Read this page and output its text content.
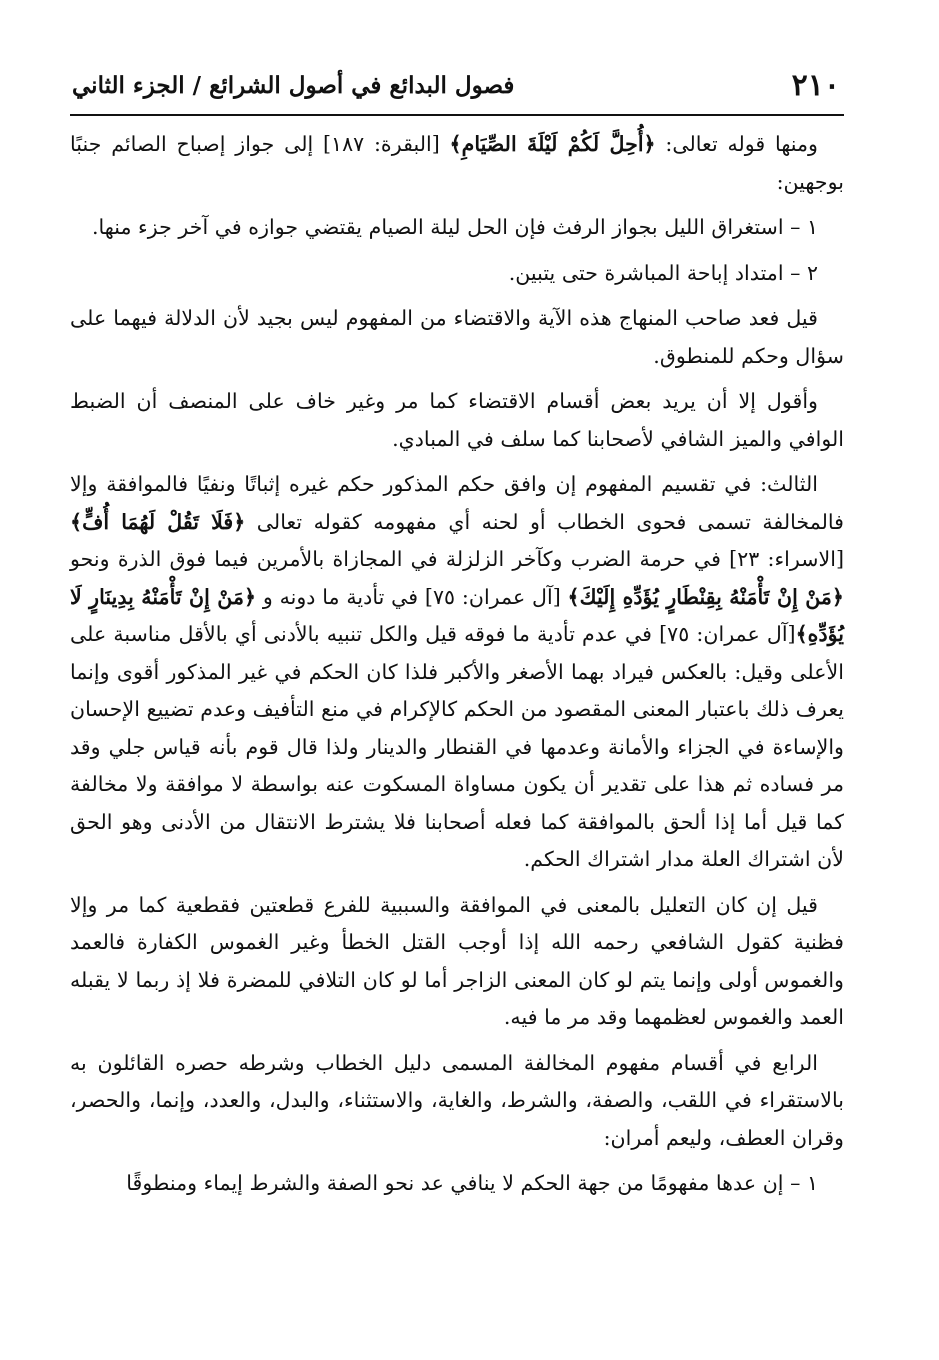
٢١٠
فصول البدائع في أصول الشرائع / الجزء الثاني

ومنها قوله تعالى: ﴿أُحِلَّ لَكُمْ لَيْلَةَ الصِّيَامِ﴾ [البقرة: ١٨٧] إلى جواز إصباح الصائم جنبًا بوجهين:

١ – استغراق الليل بجواز الرفث فإن الحل ليلة الصيام يقتضي جوازه في آخر جزء منها.

٢ – امتداد إباحة المباشرة حتى يتبين.

قيل فعد صاحب المنهاج هذه الآية والاقتضاء من المفهوم ليس بجيد لأن الدلالة فيهما على سؤال وحكم للمنطوق.

وأقول إلا أن يريد بعض أقسام الاقتضاء كما مر وغير خاف على المنصف أن الضبط الوافي والميز الشافي لأصحابنا كما سلف في المبادي.

الثالث: في تقسيم المفهوم إن وافق حكم المذكور حكم غيره إثباتًا ونفيًا فالموافقة وإلا فالمخالفة تسمى فحوى الخطاب أو لحنه أي مفهومه كقوله تعالى ﴿فَلَا تَقُلْ لَهُمَا أُفٍّ﴾ [الاسراء: ٢٣] في حرمة الضرب وكآخر الزلزلة في المجازاة بالأمرين فيما فوق الذرة ونحو ﴿مَنْ إِنْ تَأْمَنْهُ بِقِنْطَارٍ يُؤَدِّهِ إِلَيْكَ﴾ [آل عمران: ٧٥] في تأدية ما دونه و ﴿مَنْ إِنْ تَأْمَنْهُ بِدِينَارٍ لَا يُؤَدِّهِ﴾[آل عمران: ٧٥] في عدم تأدية ما فوقه قيل والكل تنبيه بالأدنى أي بالأقل مناسبة على الأعلى وقيل: بالعكس فيراد بهما الأصغر والأكبر فلذا كان الحكم في غير المذكور أقوى وإنما يعرف ذلك باعتبار المعنى المقصود من الحكم كالإكرام في منع التأفيف وعدم تضييع الإحسان والإساءة في الجزاء والأمانة وعدمها في القنطار والدينار ولذا قال قوم بأنه قياس جلي وقد مر فساده ثم هذا على تقدير أن يكون مساواة المسكوت عنه بواسطة لا موافقة ولا مخالفة كما قيل أما إذا ألحق بالموافقة كما فعله أصحابنا فلا يشترط الانتقال من الأدنى وهو الحق لأن اشتراك العلة مدار اشتراك الحكم.

قيل إن كان التعليل بالمعنى في الموافقة والسببية للفرع قطعتين فقطعية كما مر وإلا فظنية كقول الشافعي رحمه الله إذا أوجب القتل الخطأ وغير الغموس الكفارة فالعمد والغموس أولى وإنما يتم لو كان المعنى الزاجر أما لو كان التلافي للمضرة فلا إذ ربما لا يقبله العمد والغموس لعظمهما وقد مر ما فيه.

الرابع في أقسام مفهوم المخالفة المسمى دليل الخطاب وشرطه حصره القائلون به بالاستقراء في اللقب، والصفة، والشرط، والغاية، والاستثناء، والبدل، والعدد، وإنما، والحصر، وقران العطف، وليعم أمران:

١ – إن عدها مفهومًا من جهة الحكم لا ينافي عد نحو الصفة والشرط إيماء ومنطوقًا
